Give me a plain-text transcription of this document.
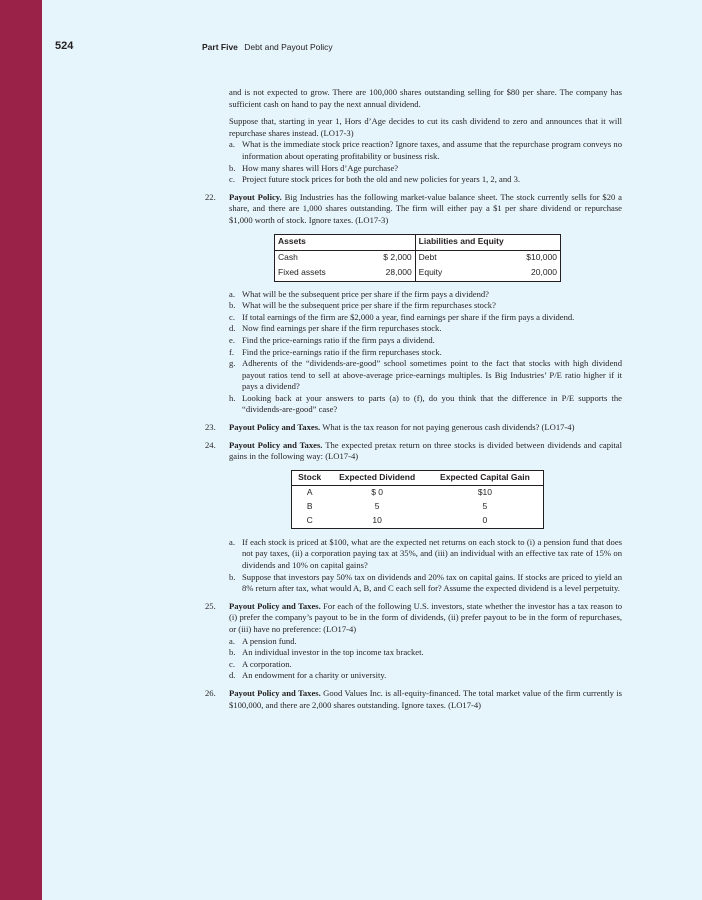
524	Part Five Debt and Payout Policy

and is not expected to grow. There are 100,000 shares outstanding selling for $80 per share. The company has sufficient cash on hand to pay the next annual dividend.

Suppose that, starting in year 1, Hors d’Age decides to cut its cash dividend to zero and announces that it will repurchase shares instead. (LO17-3)

a. What is the immediate stock price reaction? Ignore taxes, and assume that the repurchase program conveys no information about operating profitability or business risk.
b. How many shares will Hors d’Age purchase?
c. Project future stock prices for both the old and new policies for years 1, 2, and 3.
22. Payout Policy. Big Industries has the following market-value balance sheet. The stock currently sells for $20 a share, and there are 1,000 shares outstanding. The firm will either pay a $1 per share dividend or repurchase $1,000 worth of stock. Ignore taxes. (LO17-3)

Assets		Liabilities and Equity	
Cash	$ 2,000	Debt	$10,000
Fixed assets	28,000	Equity	20,000
a. What will be the subsequent price per share if the firm pays a dividend?
b. What will be the subsequent price per share if the firm repurchases stock?
c. If total earnings of the firm are $2,000 a year, find earnings per share if the firm pays a dividend.
d. Now find earnings per share if the firm repurchases stock.
e. Find the price-earnings ratio if the firm pays a dividend.
f. Find the price-earnings ratio if the firm repurchases stock.
g. Adherents of the “dividends-are-good” school sometimes point to the fact that stocks with high dividend payout ratios tend to sell at above-average price-earnings multiples. Is Big Industries’ P/E ratio higher if it pays a dividend?
h. Looking back at your answers to parts (a) to (f), do you think that the difference in P/E supports the “dividends-are-good” case?
23. Payout Policy and Taxes. What is the tax reason for not paying generous cash dividends? (LO17-4)

24. Payout Policy and Taxes. The expected pretax return on three stocks is divided between dividends and capital gains in the following way: (LO17-4)

Stock	Expected Dividend	Expected Capital Gain
A	$ 0	$10
B	5	5
C	10	0
a. If each stock is priced at $100, what are the expected net returns on each stock to (i) a pension fund that does not pay taxes, (ii) a corporation paying tax at 35%, and (iii) an individual with an effective tax rate of 15% on dividends and 10% on capital gains?
b. Suppose that investors pay 50% tax on dividends and 20% tax on capital gains. If stocks are priced to yield an 8% return after tax, what would A, B, and C each sell for? Assume the expected dividend is a level perpetuity.
25. Payout Policy and Taxes. For each of the following U.S. investors, state whether the investor has a tax reason to (i) prefer the company’s payout to be in the form of dividends, (ii) prefer payout to be in the form of repurchases, or (iii) have no preference: (LO17-4)

a. A pension fund.
b. An individual investor in the top income tax bracket.
c. A corporation.
d. An endowment for a charity or university.
26. Payout Policy and Taxes. Good Values Inc. is all-equity-financed. The total market value of the firm currently is $100,000, and there are 2,000 shares outstanding. Ignore taxes. (LO17-4)
